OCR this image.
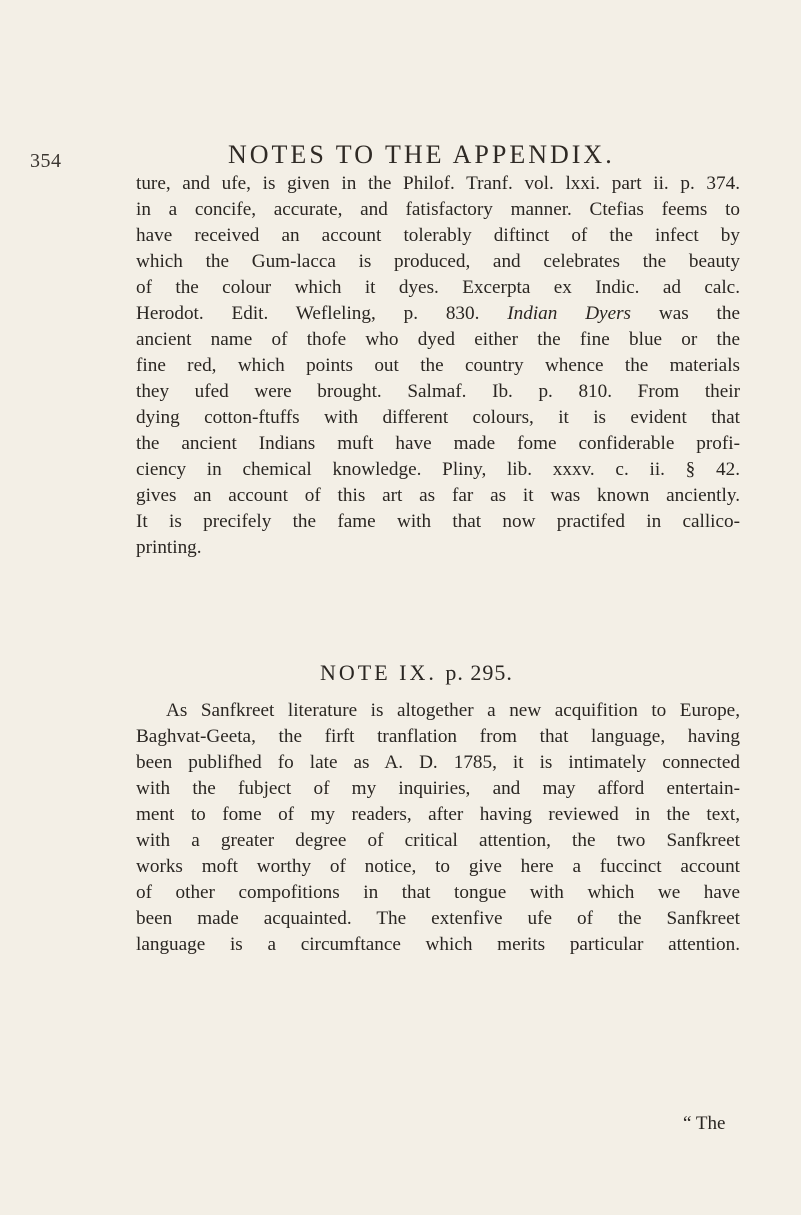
354	NOTES TO THE APPENDIX.
ture, and ufe, is given in the Philof. Tranf. vol. lxxi. part ii. p. 374.
in a concife, accurate, and fatisfactory manner. Ctefias feems to
have received an account tolerably diftinct of the infect by
which the Gum-lacca is produced, and celebrates the beauty
of the colour which it dyes. Excerpta ex Indic. ad calc.
Herodot. Edit. Wefleling, p. 830. Indian Dyers was the
ancient name of thofe who dyed either the fine blue or the
fine red, which points out the country whence the materials
they ufed were brought. Salmaf. Ib. p. 810. From their
dying cotton-ftuffs with different colours, it is evident that
the ancient Indians muft have made fome confiderable profi-
ciency in chemical knowledge. Pliny, lib. xxxv. c. ii. § 42.
gives an account of this art as far as it was known anciently.
It is precifely the fame with that now practifed in callico-
printing.
NOTE IX. p. 295.
As Sanfkreet literature is altogether a new acquifition to Europe,
Baghvat-Geeta, the firft tranflation from that language, having
been publifhed fo late as A. D. 1785, it is intimately connected
with the fubject of my inquiries, and may afford entertain-
ment to fome of my readers, after having reviewed in the text,
with a greater degree of critical attention, the two Sanfkreet
works moft worthy of notice, to give here a fuccinct account
of other compofitions in that tongue with which we have
been made acquainted. The extenfive ufe of the Sanfkreet
language is a circumftance which merits particular attention.
“ The
